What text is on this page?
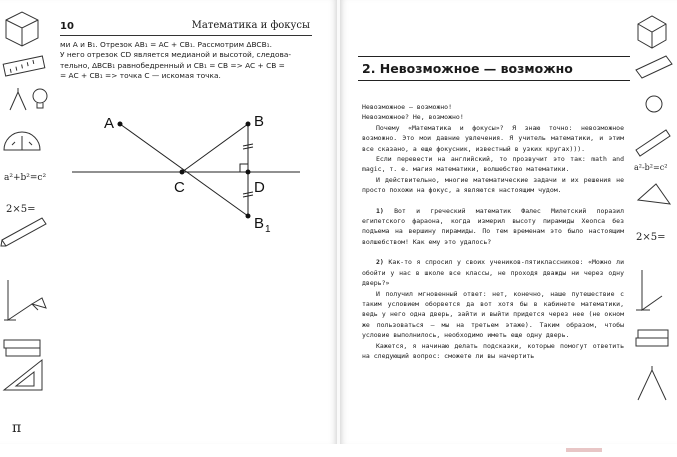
a²+b²=c²
2×5=
π
10	Математика и фокусы

ми A и B₁. Отрезок AB₁ = AC + CB₁. Рассмотрим ΔBCB₁.

У него отрезок CD является медианой и высотой, следова-

тельно, ΔBCB₁ равнобедренный и CB₁ = CB => AC + CB =

= AC + CB₁ => точка C — искомая точка.

A	B
C	D
B 1
a²-b²=c²
2×5=
2. Невозможное — возможно

Невозможное — возможно!

Невозможное? Не, возможно!

Почему «Математика и фокусы»? Я знаю точно: невозможное возможно. Это мои давние увлечения. Я учитель математики, и этим все сказано, а еще фокусник, известный в узких кругах))).

Если перевести на английский, то прозвучит это так: math and magic, т. е. магия математики, волшебство математики.

И действительно, многие математические задачи и их решения не просто похожи на фокус, а являются настоящим чудом.

1) Вот и греческий математик Фалес Милетский поразил египетского фараона, когда измерил высоту пирамиды Хеопса без подъема на вершину пирамиды. По тем временам это было настоящим волшебством! Как ему это удалось?

2) Как-то я спросил у своих учеников-пятиклассников: «Можно ли обойти у нас в школе все классы, не проходя дважды ни через одну дверь?»

И получил мгновенный ответ: нет, конечно, наше путешествие с таким условием оборвется да вот хотя бы в кабинете математики, ведь у него одна дверь, зайти и выйти придется через нее (не окном же пользоваться — мы на третьем этаже). Таким образом, чтобы условие выполнилось, необходимо иметь еще одну дверь.

Кажется, я начинаю делать подсказки, которые помогут ответить на следующий вопрос: сможете ли вы начертить
